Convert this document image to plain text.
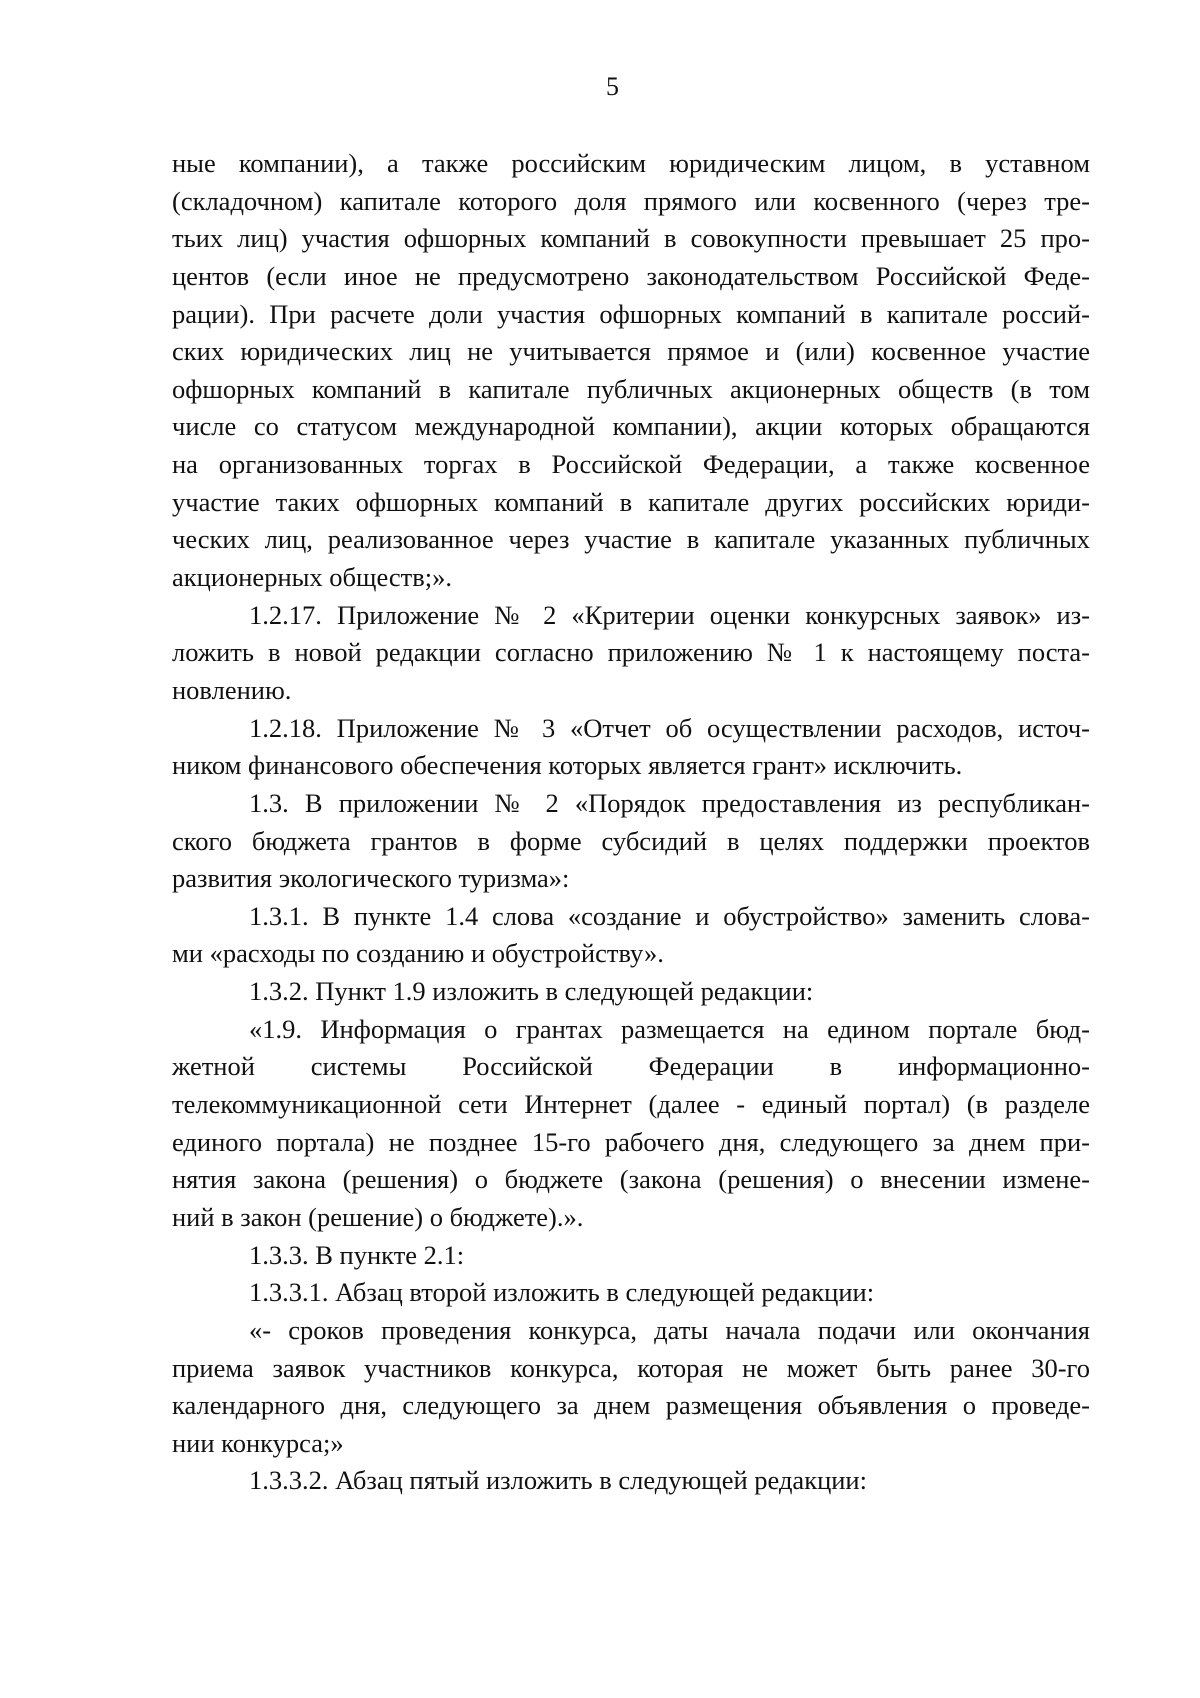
5
ные компании), а также российским юридическим лицом, в уставном
(складочном) капитале которого доля прямого или косвенного (через тре-
тьих лиц) участия офшорных компаний в совокупности превышает 25 про-
центов (если иное не предусмотрено законодательством Российской Феде-
рации). При расчете доли участия офшорных компаний в капитале россий-
ских юридических лиц не учитывается прямое и (или) косвенное участие
офшорных компаний в капитале публичных акционерных обществ (в том
числе со статусом международной компании), акции которых обращаются
на организованных торгах в Российской Федерации, а также косвенное
участие таких офшорных компаний в капитале других российских юриди-
ческих лиц, реализованное через участие в капитале указанных публичных
акционерных обществ;».
1.2.17. Приложение № 2 «Критерии оценки конкурсных заявок» из-
ложить в новой редакции согласно приложению № 1 к настоящему поста-
новлению.
1.2.18. Приложение № 3 «Отчет об осуществлении расходов, источ-
ником финансового обеспечения которых является грант» исключить.
1.3. В приложении № 2 «Порядок предоставления из республикан-
ского бюджета грантов в форме субсидий в целях поддержки проектов
развития экологического туризма»:
1.3.1. В пункте 1.4 слова «создание и обустройство» заменить слова-
ми «расходы по созданию и обустройству».
1.3.2. Пункт 1.9 изложить в следующей редакции:
«1.9. Информация о грантах размещается на едином портале бюд-
жетной системы Российской Федерации в информационно-
телекоммуникационной сети Интернет (далее - единый портал) (в разделе
единого портала) не позднее 15-го рабочего дня, следующего за днем при-
нятия закона (решения) о бюджете (закона (решения) о внесении измене-
ний в закон (решение) о бюджете).».
1.3.3. В пункте 2.1:
1.3.3.1. Абзац второй изложить в следующей редакции:
«- сроков проведения конкурса, даты начала подачи или окончания
приема заявок участников конкурса, которая не может быть ранее 30-го
календарного дня, следующего за днем размещения объявления о проведе-
нии конкурса;»
1.3.3.2. Абзац пятый изложить в следующей редакции:
